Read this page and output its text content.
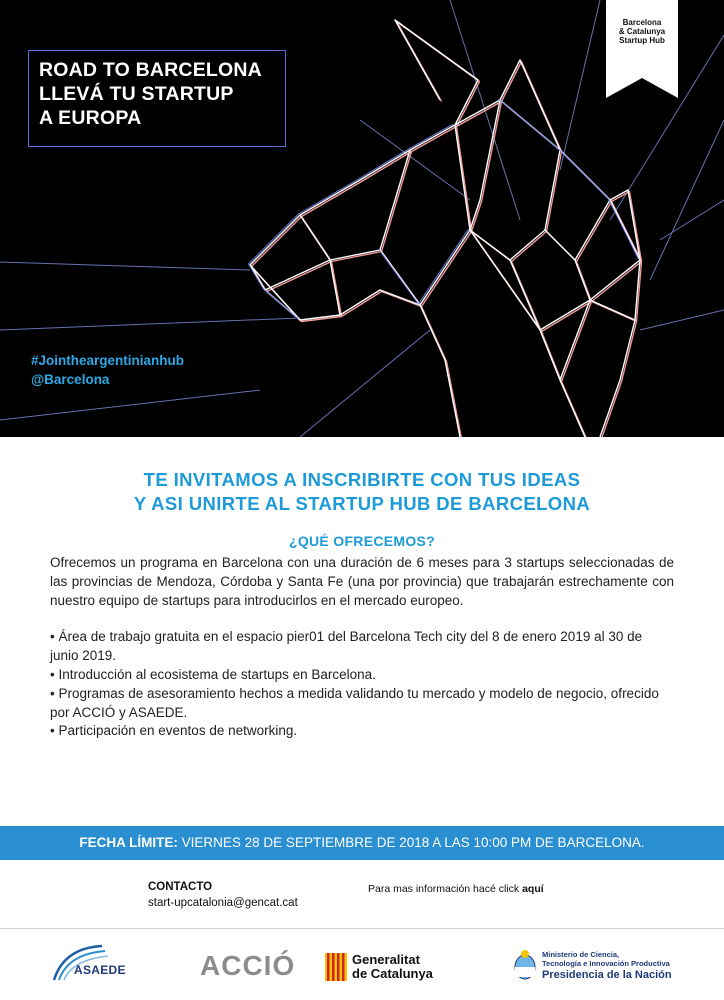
Barcelona
& Catalunya
Startup Hub
ROAD TO BARCELONA
LLEVÁ TU STARTUP
A EUROPA
#Jointheargentinianhub
@Barcelona
TE INVITAMOS A INSCRIBIRTE CON TUS IDEAS
Y ASI UNIRTE AL STARTUP HUB DE BARCELONA
¿QUÉ OFRECEMOS?

Ofrecemos un programa en Barcelona con una duración de 6 meses para 3 startups seleccionadas de las provincias de Mendoza, Córdoba y Santa Fe (una por provincia) que trabajarán estrechamente con nuestro equipo de startups para introducirlos en el mercado europeo.

• Área de trabajo gratuita en el espacio pier01 del Barcelona Tech city del 8 de enero 2019 al 30 de junio 2019.

• Introducción al ecosistema de startups en Barcelona.

• Programas de asesoramiento hechos a medida validando tu mercado y modelo de negocio, ofrecido por ACCIÓ y ASAEDE.

• Participación en eventos de networking.

FECHA LÍMITE: VIERNES 28 DE SEPTIEMBRE DE 2018 A LAS 10:00 PM DE BARCELONA.
CONTACTO
start-upcatalonia@gencat.cat
Para mas información hacé click aquí
ASAEDE	ACCIÓ	Generalitat
de Catalunya
Ministerio de Ciencia,
Tecnología e Innovación Productiva
Presidencia de la Nación
